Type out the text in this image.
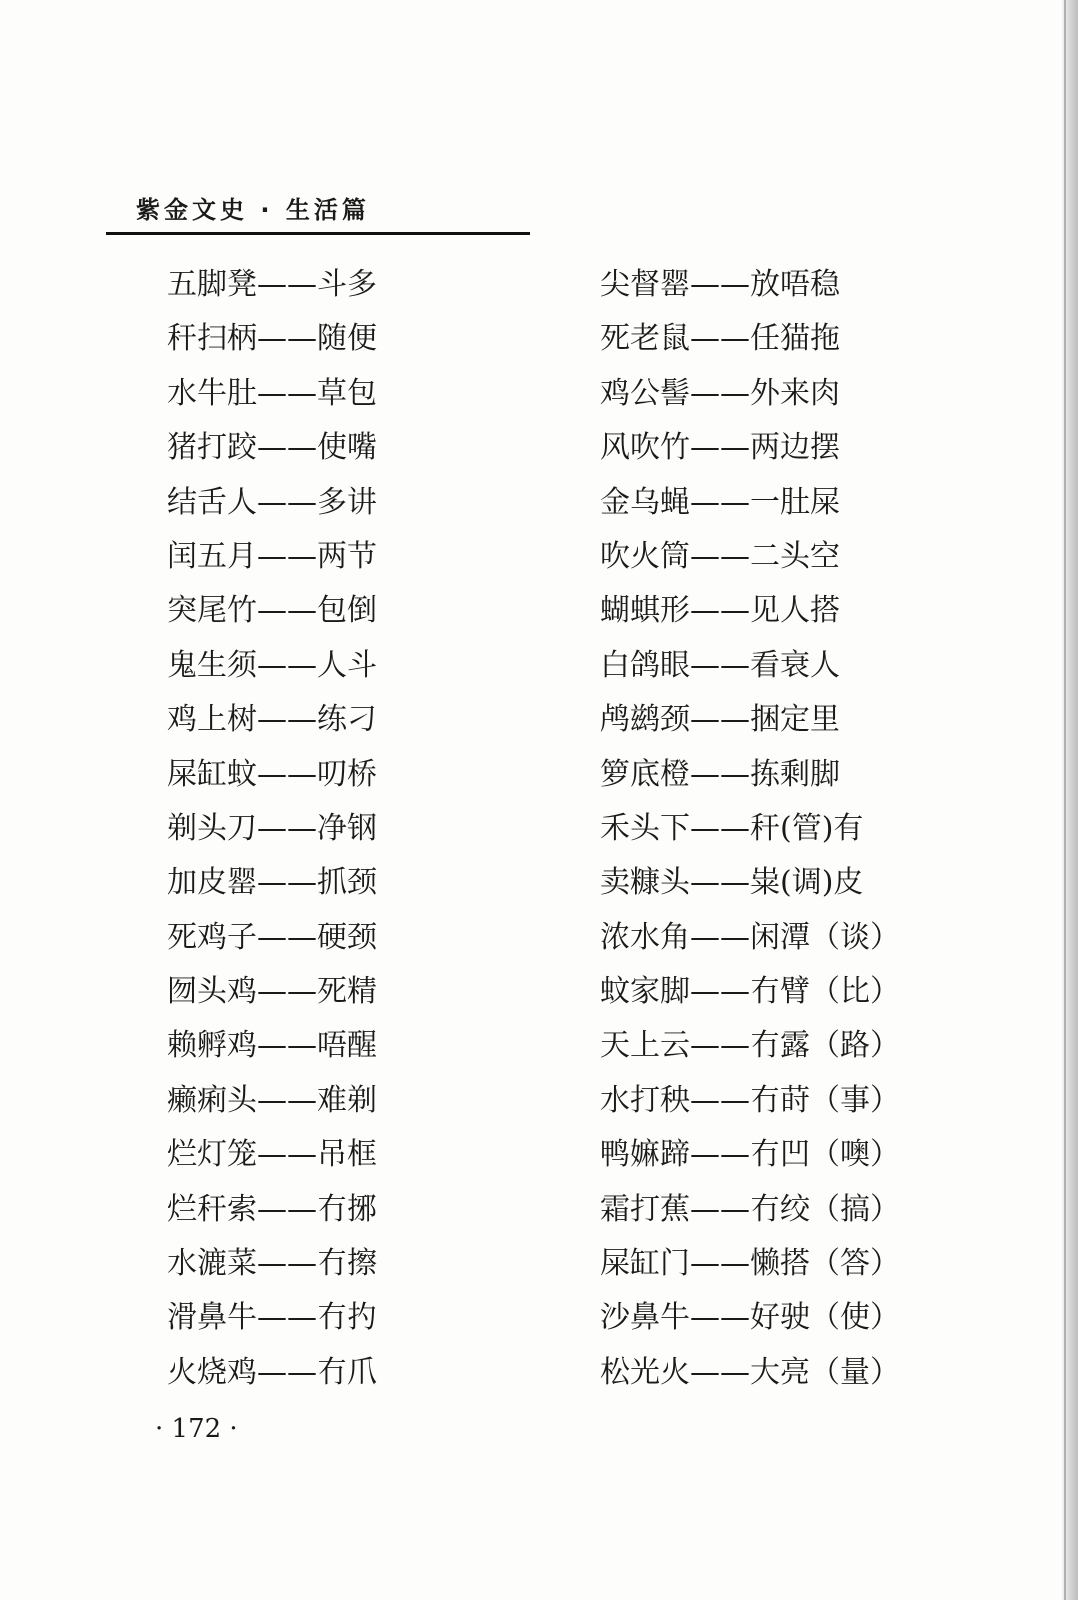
紫金文史 · 生活篇
五脚凳——斗多
秆扫柄——随便
水牛肚——草包
猪打跤——使嘴
结舌人——多讲
闰五月——两节
突尾竹——包倒
鬼生须——人斗
鸡上树——练刁
屎缸蚊——叨桥
剃头刀——净钢
加皮罂——抓颈
死鸡子——硬颈
囫头鸡——死精
赖孵鸡——唔醒
癞痢头——难剃
烂灯笼——吊框
烂秆索——冇捓
水漉菜——冇擦
滑鼻牛——冇扚
火烧鸡——冇爪
尖督罂——放唔稳
死老鼠——任猫拖
鸡公髻——外来肉
风吹竹——两边摆
金乌蝇——一肚屎
吹火筒——二头空
蝴蜞形——见人搭
白鸽眼——看衰人
鸬鹚颈——捆定里
箩底橙——拣剩脚
禾头下——秆(管)有
卖糠头——粜(调)皮
浓水角——闲潭（谈）
蚊家脚——冇臂（比）
天上云——冇露（路）
水打秧——冇莳（事）
鸭嫲蹄——冇凹（噢）
霜打蕉——冇绞（搞）
屎缸门——懒搭（答）
沙鼻牛——好驶（使）
松光火——大亮（量）
· 172 ·
